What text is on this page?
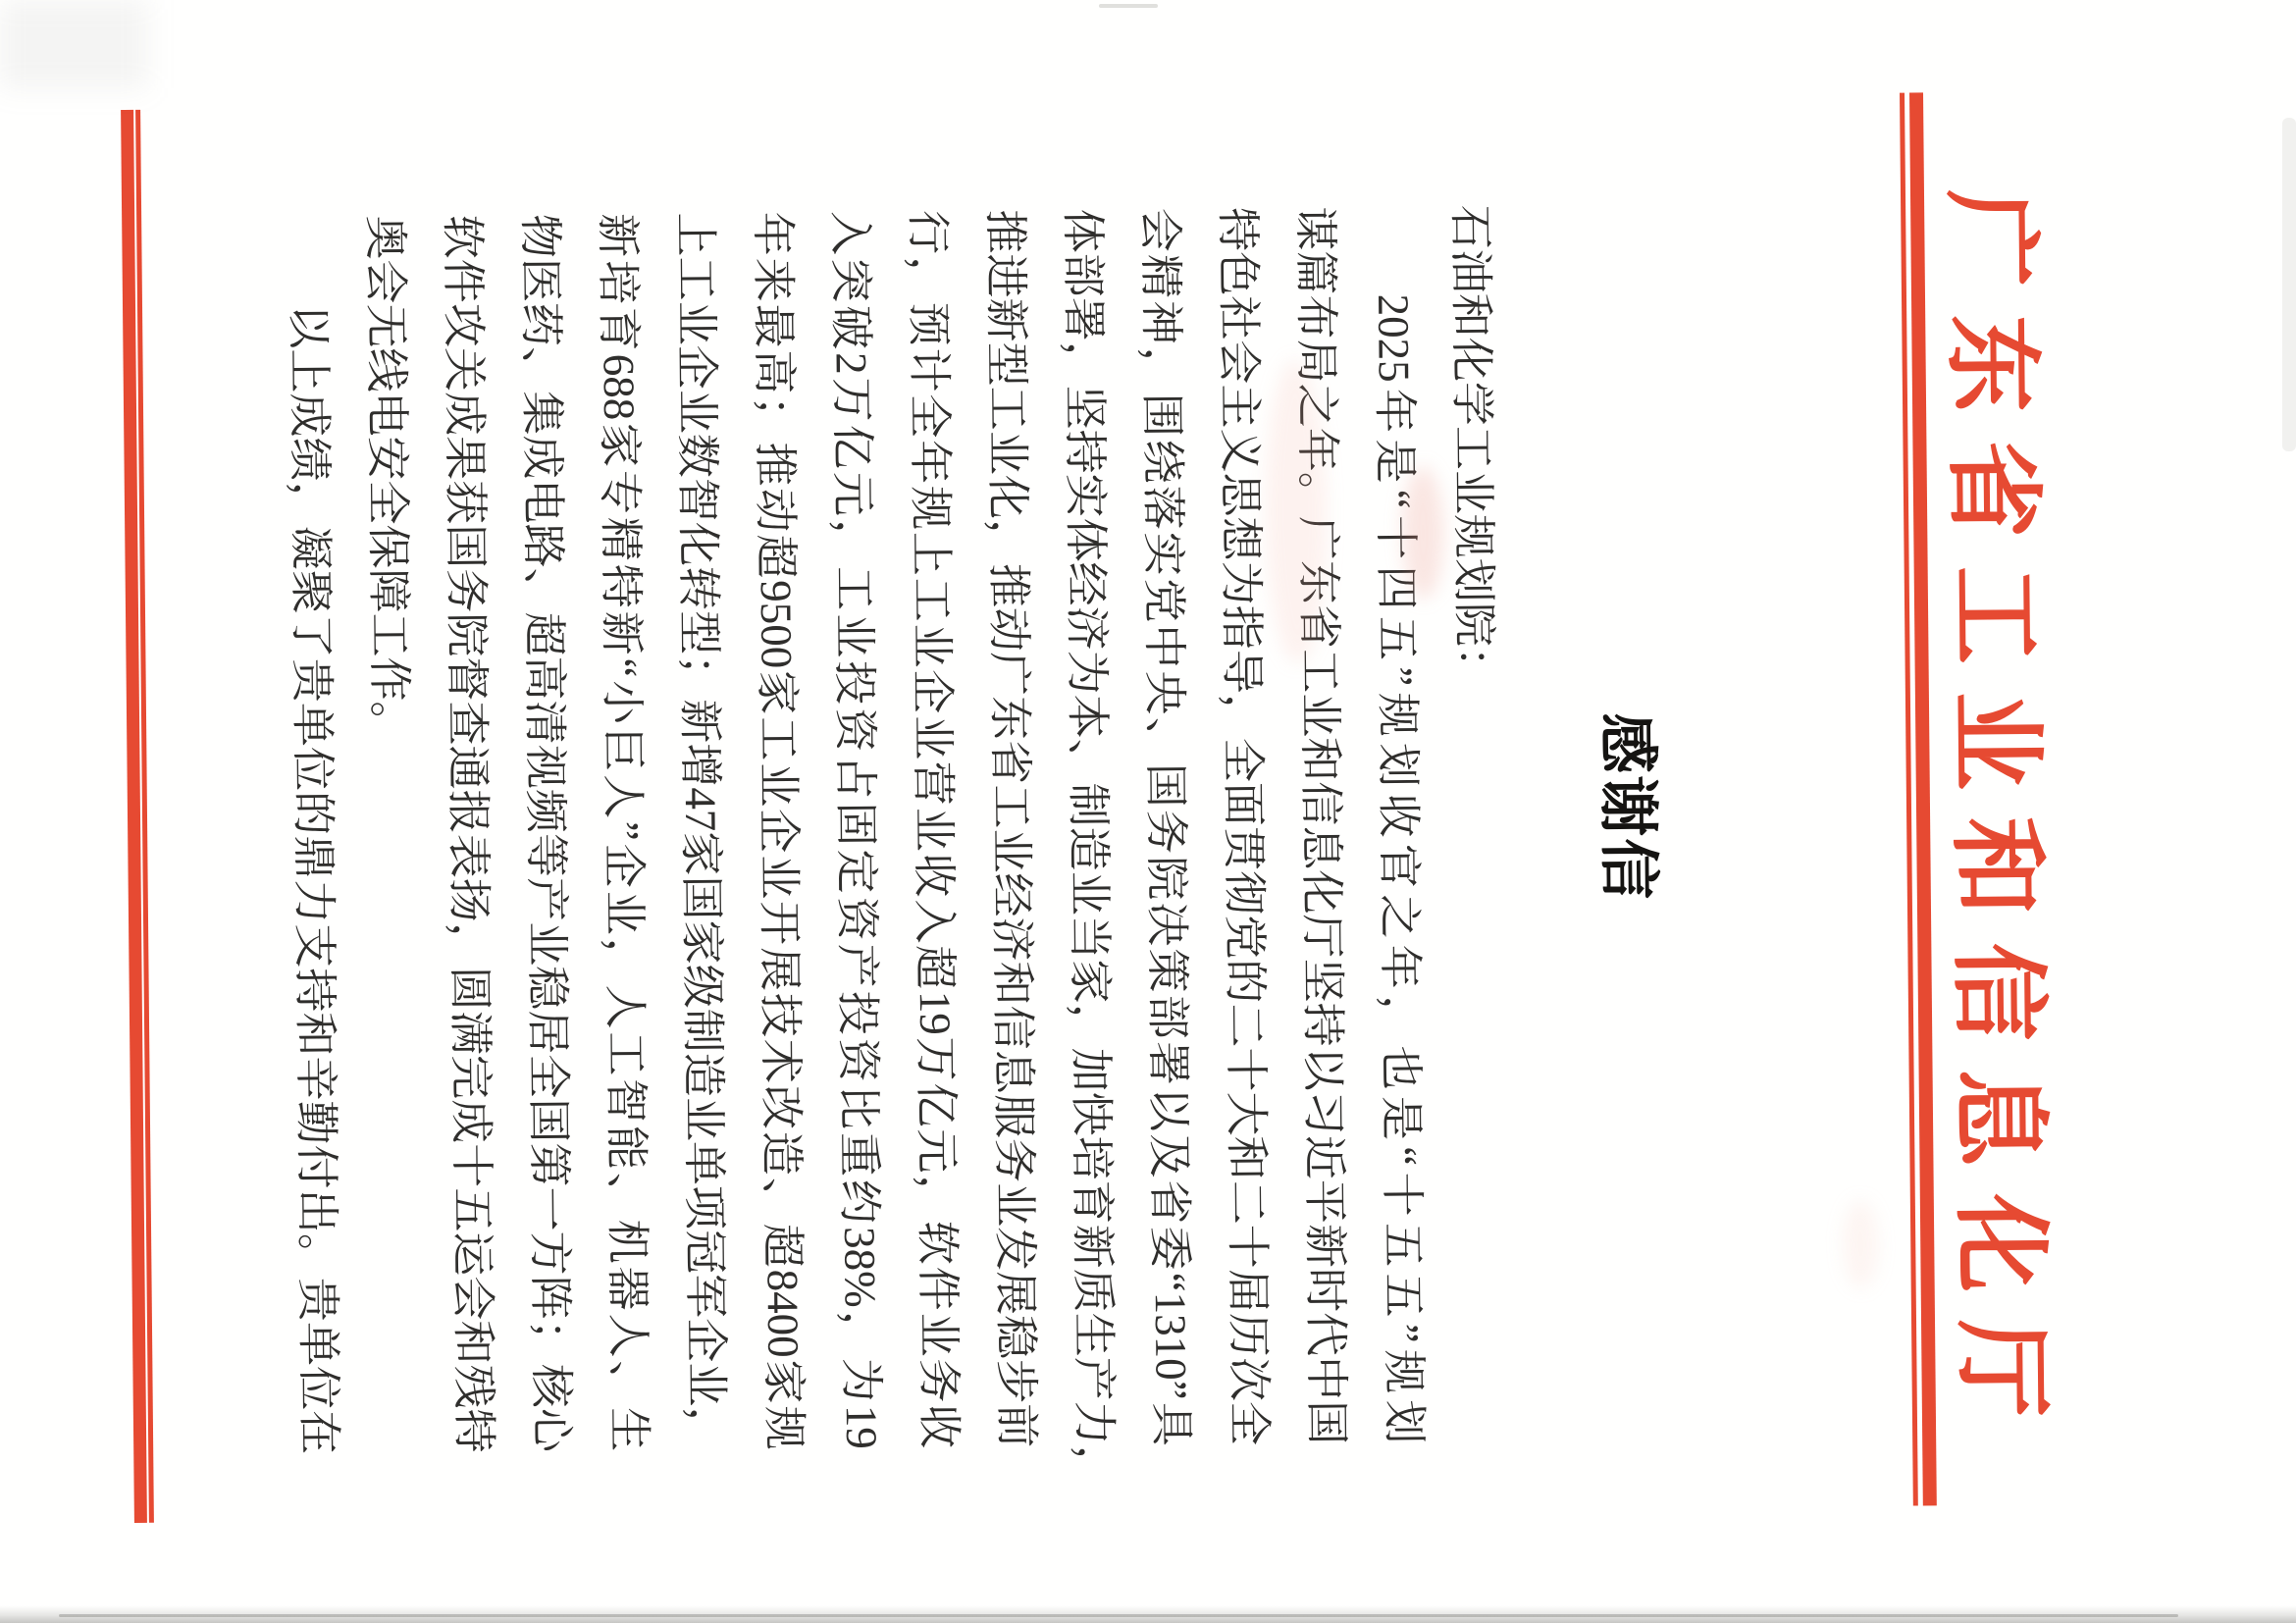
广东省工业和信息化厅
感谢信
石油和化学工业规划院：
2025年是“十四五”规划收官之年，也是“十五五”规划
谋篇布局之年。广东省工业和信息化厅坚持以习近平新时代中国
特色社会主义思想为指导，全面贯彻党的二十大和二十届历次全
会精神，围绕落实党中央、国务院决策部署以及省委“1310”具
体部署，坚持实体经济为本、制造业当家，加快培育新质生产力，
推进新型工业化，推动广东省工业经济和信息服务业发展稳步前
行，预计全年规上工业企业营业收入超19万亿元，软件业务收
入突破2万亿元，工业投资占固定资产投资比重约38%，为19
年来最高；推动超9500家工业企业开展技术改造、超8400家规
上工业企业数智化转型；新增47家国家级制造业单项冠军企业，
新培育688家专精特新“小巨人”企业，人工智能、机器人、生
物医药、集成电路、超高清视频等产业稳居全国第一方阵；核心
软件攻关成果获国务院督查通报表扬，圆满完成十五运会和残特
奥会无线电安全保障工作。
以上成绩，凝聚了贵单位的鼎力支持和辛勤付出。贵单位在
